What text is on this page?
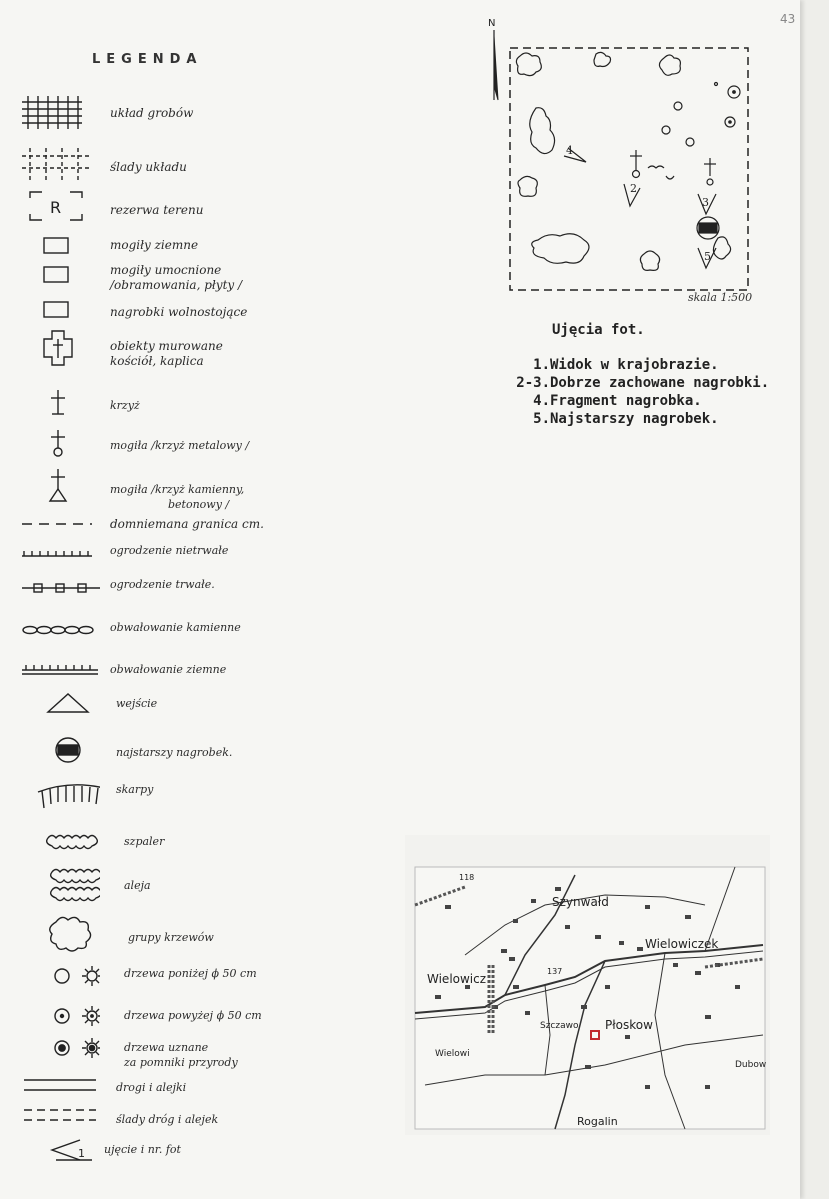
43
LEGENDA
R
1
układ grobów
ślady układu
rezerwa terenu
mogiły ziemne
mogiły umocnione
/obramowania, płyty /
nagrobki wolnostojące
obiekty murowane
kościół, kaplica
krzyż
mogiła /krzyż metalowy /
mogiła /krzyż kamienny,
betonowy /
domniemana granica cm.
ogrodzenie nietrwałe
ogrodzenie trwałe.
obwałowanie kamienne
obwałowanie ziemne
wejście
najstarszy nagrobek.
skarpy
szpaler
aleja
grupy krzewów
drzewa poniżej ϕ 50 cm
drzewa powyżej ϕ 50 cm
drzewa uznane
za pomniki przyrody
drogi i alejki
ślady dróg i alejek
ujęcie i nr. fot
N
4
2
3
5
skala 1:500
Ujęcia fot.
1.Widok w krajobrazie.
2-3.Dobrze zachowane nagrobki.
4.Fragment nagrobka.
5.Najstarszy nagrobek.
Szynwałd
Wielowiczek
Wielowicz
Płoskow
Szczawo
Wielowi
Rogalin
Dubow
118
137
